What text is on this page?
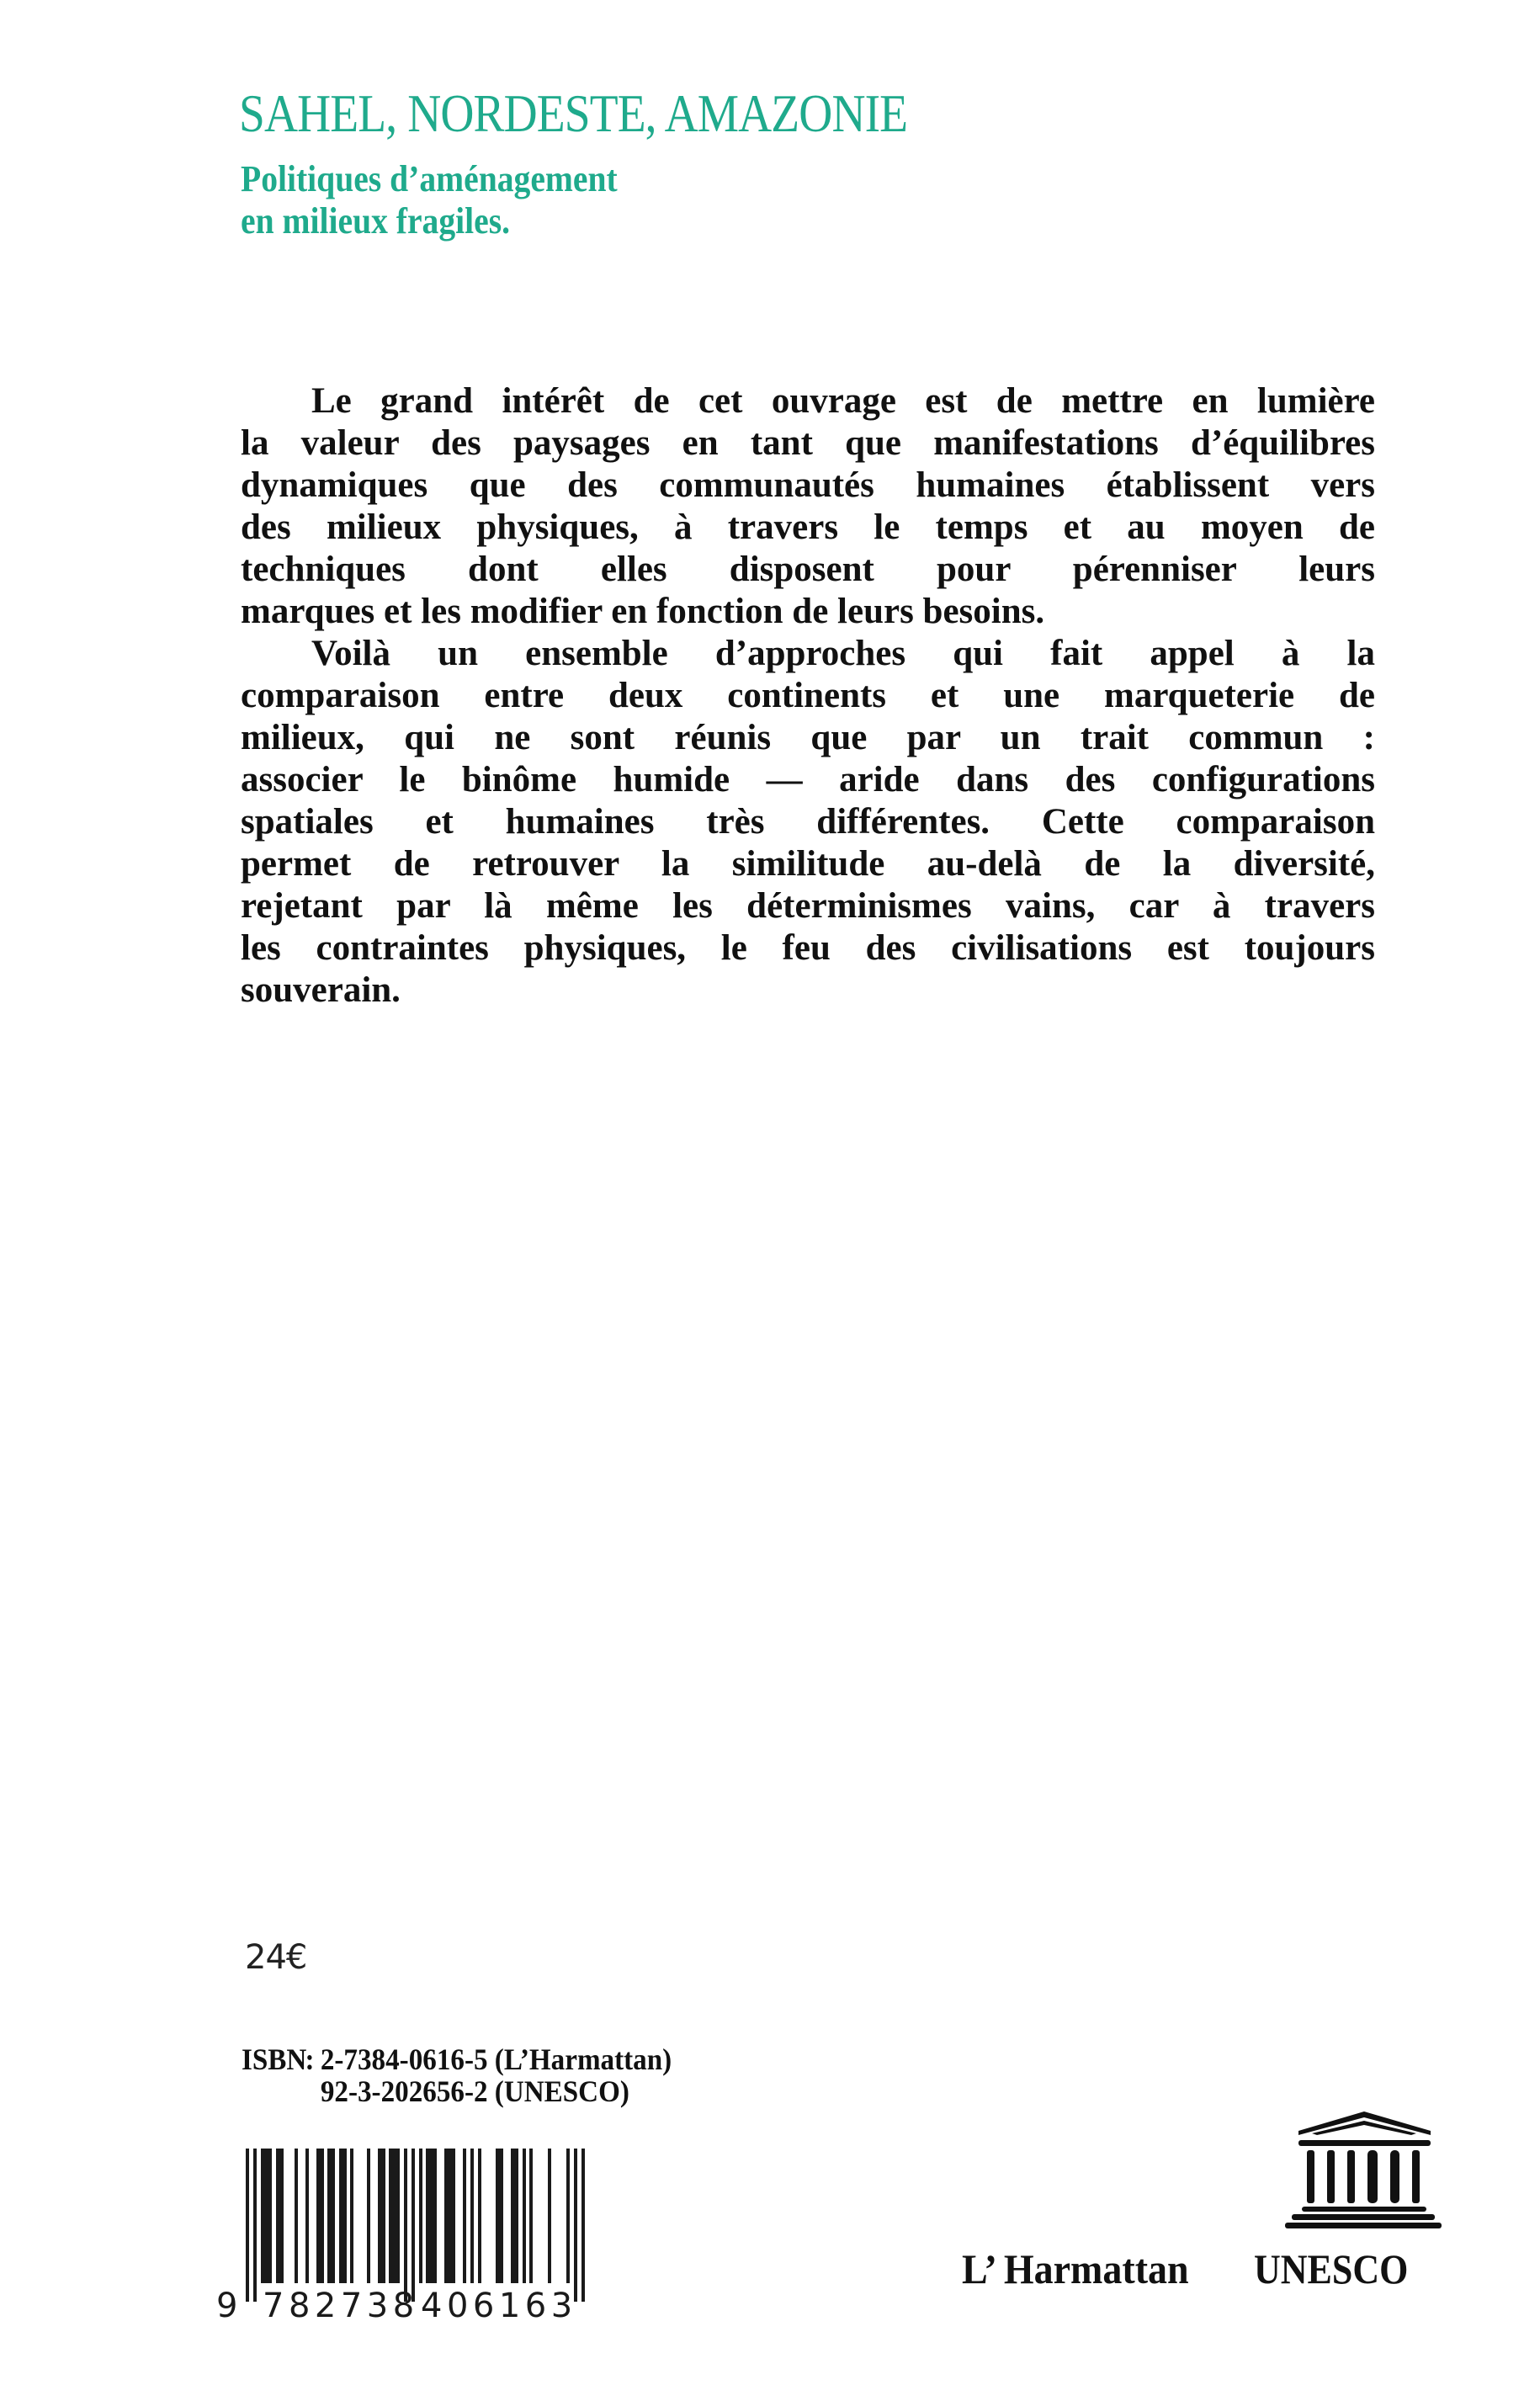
SAHEL, NORDESTE, AMAZONIE
Politiques d’aménagement
en milieux fragiles.
Le grand intérêt de cet ouvrage est de mettre en lumière
la valeur des paysages en tant que manifestations d’équilibres
dynamiques que des communautés humaines établissent vers
des milieux physiques, à travers le temps et au moyen de
techniques dont elles disposent pour pérenniser leurs
marques et les modifier en fonction de leurs besoins.
Voilà un ensemble d’approches qui fait appel à la
comparaison entre deux continents et une marqueterie de
milieux, qui ne sont réunis que par un trait commun :
associer le binôme humide — aride dans des configurations
spatiales et humaines très différentes. Cette comparaison
permet de retrouver la similitude au-delà de la diversité,
rejetant par là même les déterminismes vains, car à travers
les contraintes physiques, le feu des civilisations est toujours
souverain.
24€
ISBN
: 2-7384-0616-5 (L’Harmattan)
92-3-202656-2 (UNESCO)
9 782738 406163
L’ Harmattan UNESCO
